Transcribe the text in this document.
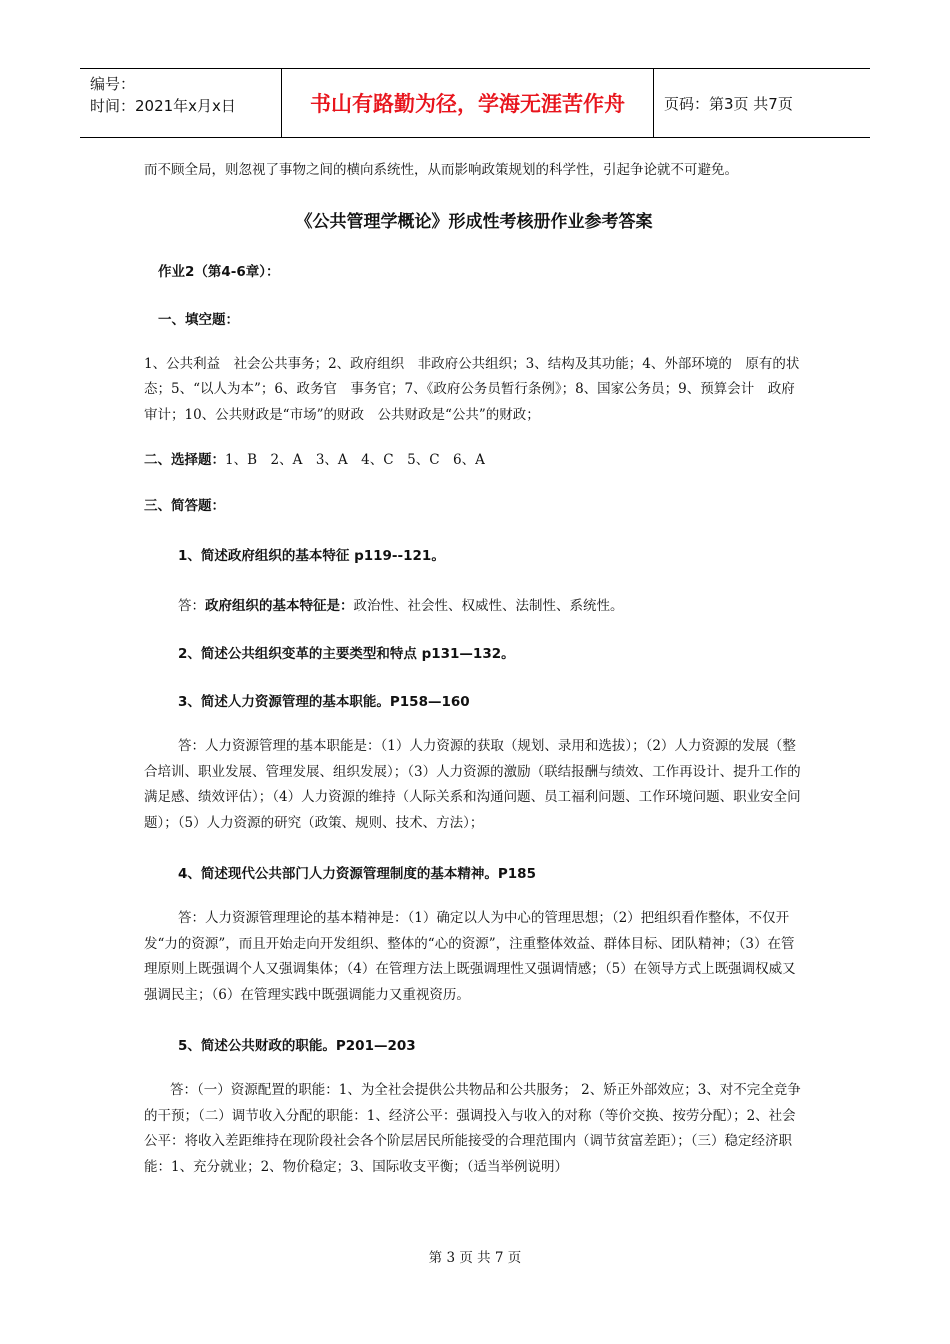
编号：
时间：2021年x月x日	书山有路勤为径，学海无涯苦作舟	页码：第3页 共7页

而不顾全局，则忽视了事物之间的横向系统性，从而影响政策规划的科学性，引起争论就不可避免。

《公共管理学概论》形成性考核册作业参考答案

作业2（第4-6章）：

一、填空题：

1、公共利益　社会公共事务；2、政府组织　非政府公共组织；3、结构及其功能；4、外部环境的　原有的状态；5、“以人为本”；6、政务官　事务官；7、《政府公务员暂行条例》；8、国家公务员；9、预算会计　政府审计；10、公共财政是“市场”的财政　公共财政是“公共”的财政；

二、选择题：1、B　2、A　3、A　4、C　5、C　6、A

三、简答题：

1、简述政府组织的基本特征 p119--121。

答：政府组织的基本特征是：政治性、社会性、权威性、法制性、系统性。

2、简述公共组织变革的主要类型和特点 p131—132。

3、简述人力资源管理的基本职能。P158—160

答：人力资源管理的基本职能是：（1）人力资源的获取（规划、录用和选拔）；（2）人力资源的发展（整合培训、职业发展、管理发展、组织发展）；（3）人力资源的激励（联结报酬与绩效、工作再设计、提升工作的满足感、绩效评估）；（4）人力资源的维持（人际关系和沟通问题、员工福利问题、工作环境问题、职业安全问题）；（5）人力资源的研究（政策、规则、技术、方法）；

4、简述现代公共部门人力资源管理制度的基本精神。P185

答：人力资源管理理论的基本精神是：（1）确定以人为中心的管理思想；（2）把组织看作整体，不仅开发“力的资源”，而且开始走向开发组织、整体的“心的资源”，注重整体效益、群体目标、团队精神；（3）在管理原则上既强调个人又强调集体；（4）在管理方法上既强调理性又强调情感；（5）在领导方式上既强调权威又强调民主；（6）在管理实践中既强调能力又重视资历。

5、简述公共财政的职能。P201—203

答：（一）资源配置的职能：1、为全社会提供公共物品和公共服务； 2、矫正外部效应；3、对不完全竞争的干预；（二）调节收入分配的职能：1、经济公平：强调投入与收入的对称（等价交换、按劳分配）；2、社会公平：将收入差距维持在现阶段社会各个阶层居民所能接受的合理范围内（调节贫富差距）；（三）稳定经济职能：1、充分就业；2、物价稳定；3、国际收支平衡；（适当举例说明）

第 3 页 共 7 页
